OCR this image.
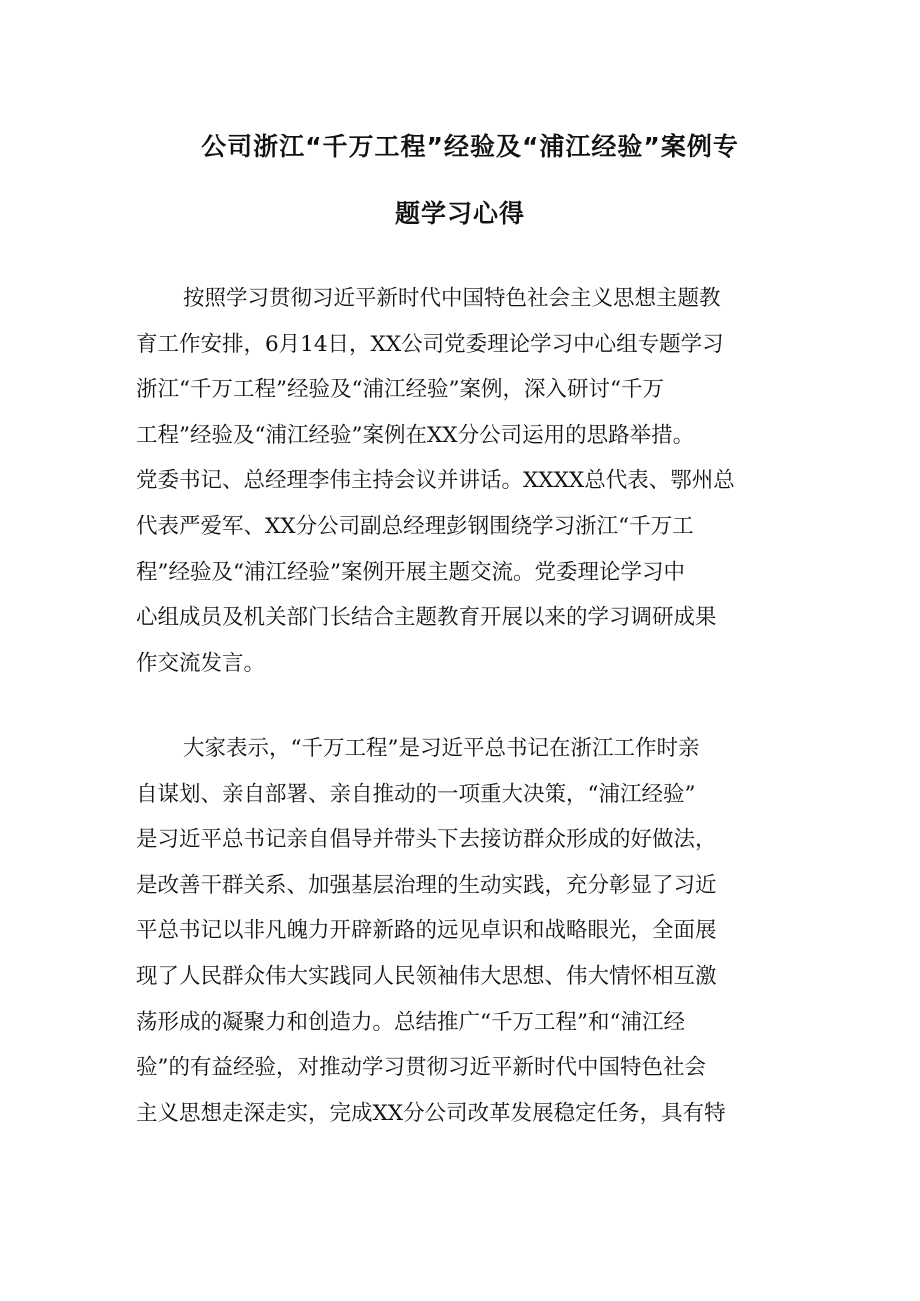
公司浙江“千万工程”经验及“浦江经验”案例专
题学习心得
按照学习贯彻习近平新时代中国特色社会主义思想主题教
育工作安排，6月14日，XX公司党委理论学习中心组专题学习
浙江“千万工程”经验及“浦江经验”案例，深入研讨“千万
工程”经验及“浦江经验”案例在XX分公司运用的思路举措。
党委书记、总经理李伟主持会议并讲话。XXXX总代表、鄂州总
代表严爱军、XX分公司副总经理彭钢围绕学习浙江“千万工
程”经验及“浦江经验”案例开展主题交流。党委理论学习中
心组成员及机关部门长结合主题教育开展以来的学习调研成果
作交流发言。
大家表示，“千万工程”是习近平总书记在浙江工作时亲
自谋划、亲自部署、亲自推动的一项重大决策，“浦江经验”
是习近平总书记亲自倡导并带头下去接访群众形成的好做法，
是改善干群关系、加强基层治理的生动实践，充分彰显了习近
平总书记以非凡魄力开辟新路的远见卓识和战略眼光，全面展
现了人民群众伟大实践同人民领袖伟大思想、伟大情怀相互激
荡形成的凝聚力和创造力。总结推广“千万工程”和“浦江经
验”的有益经验，对推动学习贯彻习近平新时代中国特色社会
主义思想走深走实，完成XX分公司改革发展稳定任务，具有特
